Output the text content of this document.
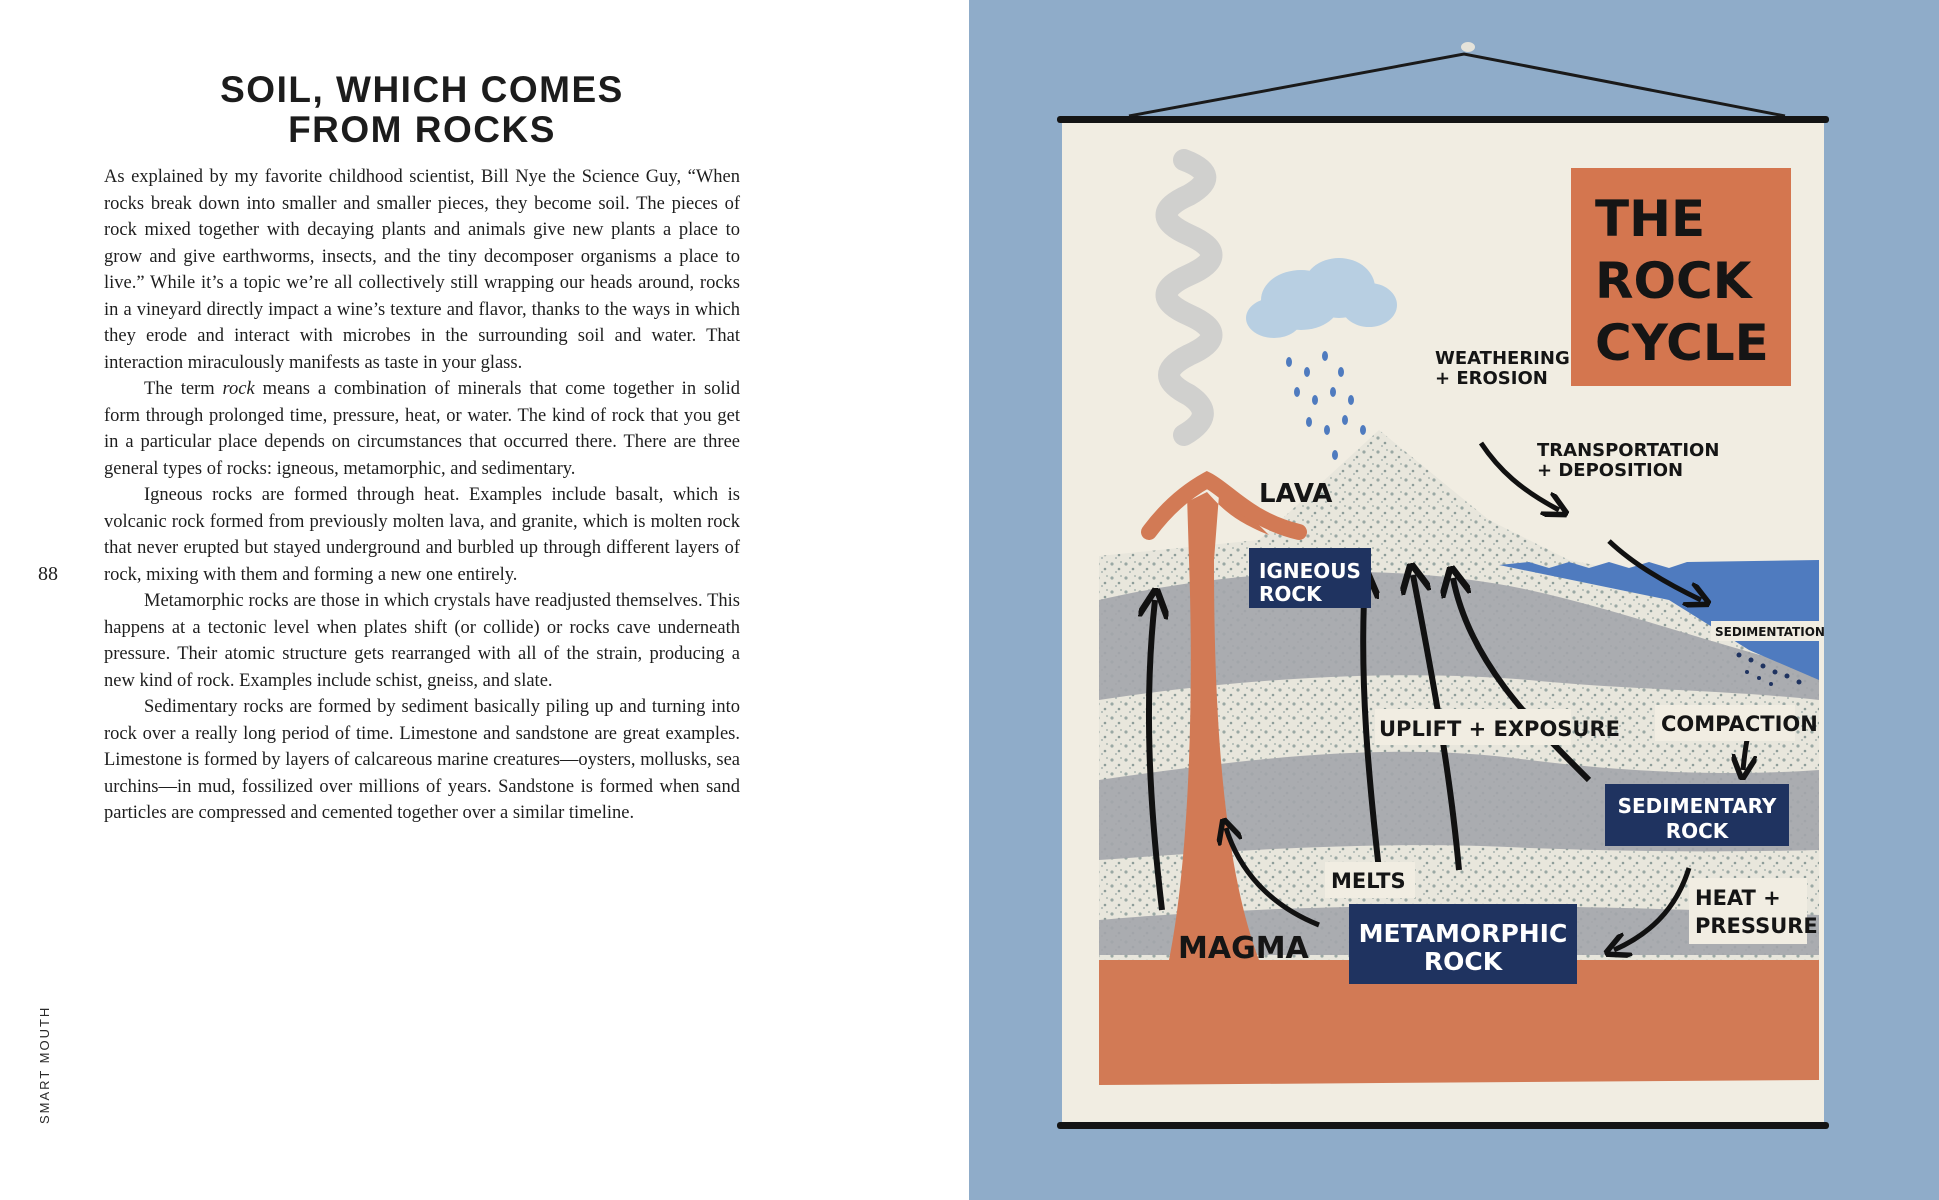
SOIL, WHICH COMES
FROM ROCKS

As explained by my favorite childhood scientist, Bill Nye the Science Guy, “When rocks break down into smaller and smaller pieces, they become soil. The pieces of rock mixed together with decaying plants and animals give new plants a place to grow and give earthworms, insects, and the tiny decomposer organisms a place to live.” While it’s a topic we’re all collectively still wrapping our heads around, rocks in a vineyard directly impact a wine’s texture and flavor, thanks to the ways in which they erode and interact with microbes in the surrounding soil and water. That interaction miraculously manifests as taste in your glass.

The term rock means a combination of minerals that come together in solid form through prolonged time, pressure, heat, or water. The kind of rock that you get in a particular place depends on circumstances that occurred there. There are three general types of rocks: igneous, metamorphic, and sedimentary.

Igneous rocks are formed through heat. Examples include basalt, which is volcanic rock formed from previously molten lava, and granite, which is molten rock that never erupted but stayed underground and burbled up through different layers of rock, mixing with them and forming a new one entirely.

Metamorphic rocks are those in which crystals have readjusted themselves. This happens at a tectonic level when plates shift (or collide) or rocks cave underneath pressure. Their atomic structure gets rearranged with all of the strain, producing a new kind of rock. Examples include schist, gneiss, and slate.

Sedimentary rocks are formed by sediment basically piling up and turning into rock over a really long period of time. Limestone and sandstone are great examples. Limestone is formed by layers of calcareous marine creatures—oysters, mollusks, sea urchins—in mud, fossilized over millions of years. Sandstone is formed when sand particles are compressed and cemented together over a similar timeline.

88
SMART MOUTH
THE
ROCK
CYCLE
WEATHERING
+ EROSION
TRANSPORTATION
+ DEPOSITION
LAVA
IGNEOUS
ROCK
SEDIMENTATION
UPLIFT + EXPOSURE COMPACTION
SEDIMENTARY
ROCK
MELTS
HEAT +
PRESSURE
METAMORPHIC
ROCK
MAGMA
